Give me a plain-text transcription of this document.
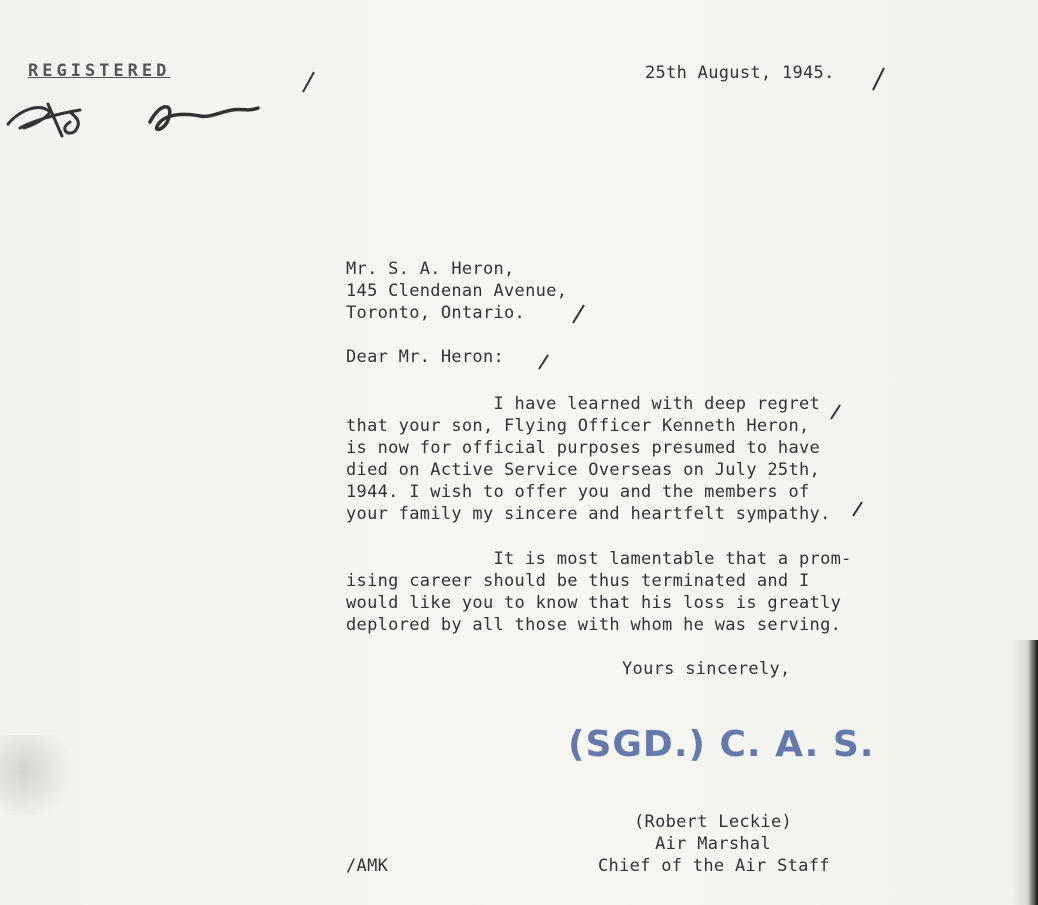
REGISTERED	25th August, 1945.
Mr. S. A. Heron,
145 Clendenan Avenue,
Toronto, Ontario.
Dear Mr. Heron:
I have learned with deep regret
that your son, Flying Officer Kenneth Heron,
is now for official purposes presumed to have
died on Active Service Overseas on July 25th,
1944. I wish to offer you and the members of
your family my sincere and heartfelt sympathy.
It is most lamentable that a prom-
ising career should be thus terminated and I
would like you to know that his loss is greatly
deplored by all those with whom he was serving.
Yours sincerely,
(SGD.) C. A. S.
(Robert Leckie)
Air Marshal
Chief of the Air Staff
/AMK
